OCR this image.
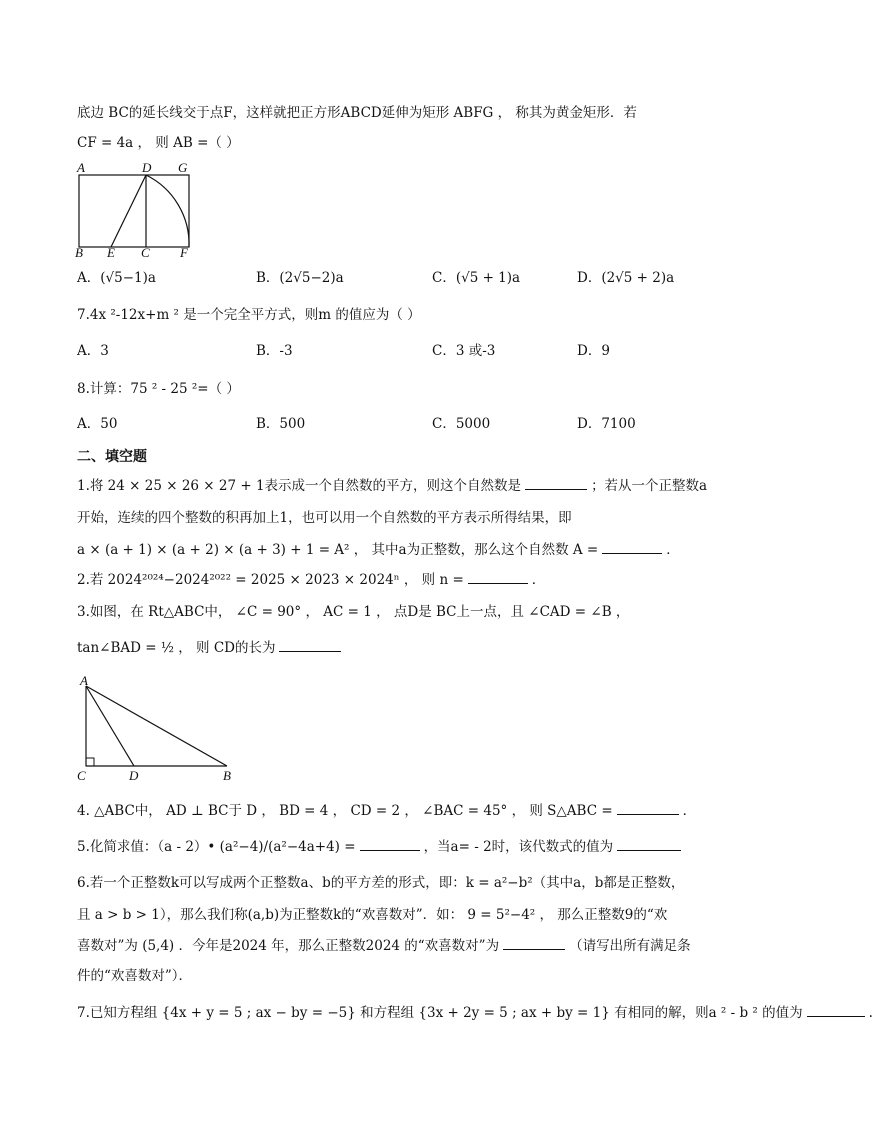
底边 BC的延长线交于点F，这样就把正方形ABCD延伸为矩形 ABFG ， 称其为黄金矩形．若
CF = 4a ， 则 AB =（ ）
A	D G
B E C F
A．(√5−1)a	B．(2√5−2)a	C．(√5 + 1)a	D．(2√5 + 2)a
7.4x ²-12x+m ² 是一个完全平方式，则m 的值应为（ ）
A．3	B．-3	C．3 或-3	D．9
8.计算：75 ² - 25 ²=（ ）
A．50	B．500	C．5000	D．7100
二、填空题
1.将 24 × 25 × 26 × 27 + 1表示成一个自然数的平方，则这个自然数是	；若从一个正整数a
开始，连续的四个整数的积再加上1，也可以用一个自然数的平方表示所得结果，即
a × (a + 1) × (a + 2) × (a + 3) + 1 = A² ， 其中a为正整数，那么这个自然数 A =	．
2.若 2024²⁰²⁴−2024²⁰²² = 2025 × 2023 × 2024ⁿ ， 则 n =	．
3.如图，在 Rt△ABC中， ∠C = 90° ， AC = 1 ， 点D是 BC上一点，且 ∠CAD = ∠B ，
tan∠BAD = ½ ， 则 CD的长为
A
C	D	B
4. △ABC中， AD ⊥ BC于 D ， BD = 4 ， CD = 2 ， ∠BAC = 45° ， 则 S△ABC =	．
5.化简求值：（a - 2）• (a²−4)/(a²−4a+4) =	，当a= - 2时，该代数式的值为
6.若一个正整数k可以写成两个正整数a、b的平方差的形式，即：k = a²−b²（其中a，b都是正整数，
且 a > b > 1），那么我们称(a,b)为正整数k的“欢喜数对”．如： 9 = 5²−4² ， 那么正整数9的“欢
喜数对”为 (5,4) ．今年是2024 年，那么正整数2024 的“欢喜数对”为	（请写出所有满足条
件的“欢喜数对”）．
7.已知方程组 {4x + y = 5 ; ax − by = −5} 和方程组 {3x + 2y = 5 ; ax + by = 1} 有相同的解，则a ² - b ² 的值为	.
